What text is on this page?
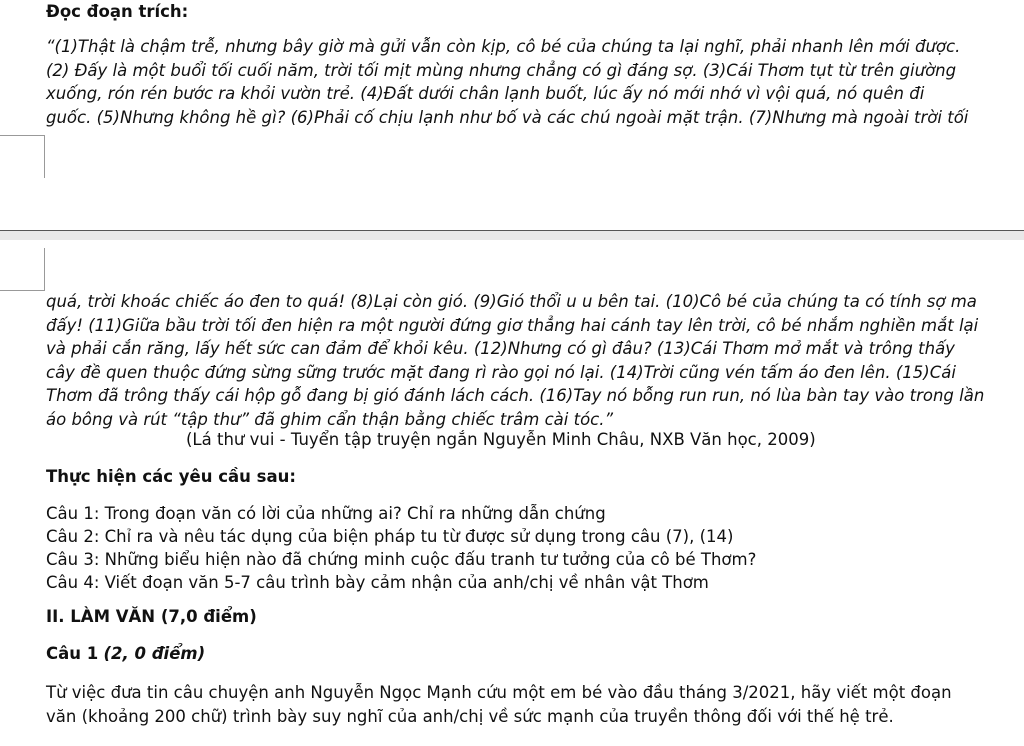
Đọc đoạn trích:
“(1)Thật là chậm trễ, nhưng bây giờ mà gửi vẫn còn kịp, cô bé của chúng ta lại nghĩ, phải nhanh lên mới được.
(2) Đấy là một buổi tối cuối năm, trời tối mịt mùng nhưng chẳng có gì đáng sợ. (3)Cái Thơm tụt từ trên giường
xuống, rón rén bước ra khỏi vườn trẻ. (4)Đất dưới chân lạnh buốt, lúc ấy nó mới nhớ vì vội quá, nó quên đi
guốc. (5)Nhưng không hề gì? (6)Phải cố chịu lạnh như bố và các chú ngoài mặt trận. (7)Nhưng mà ngoài trời tối
quá, trời khoác chiếc áo đen to quá! (8)Lại còn gió. (9)Gió thổi u u bên tai. (10)Cô bé của chúng ta có tính sợ ma
đấy! (11)Giữa bầu trời tối đen hiện ra một người đứng giơ thẳng hai cánh tay lên trời, cô bé nhắm nghiền mắt lại
và phải cắn răng, lấy hết sức can đảm để khỏi kêu. (12)Nhưng có gì đâu? (13)Cái Thơm mở mắt và trông thấy
cây đề quen thuộc đứng sừng sững trước mặt đang rì rào gọi nó lại. (14)Trời cũng vén tấm áo đen lên. (15)Cái
Thơm đã trông thấy cái hộp gỗ đang bị gió đánh lách cách. (16)Tay nó bỗng run run, nó lùa bàn tay vào trong lần
áo bông và rút “tập thư” đã ghim cẩn thận bằng chiếc trâm cài tóc.”
(Lá thư vui - Tuyển tập truyện ngắn Nguyễn Minh Châu, NXB Văn học, 2009)
Thực hiện các yêu cầu sau:
Câu 1: Trong đoạn văn có lời của những ai? Chỉ ra những dẫn chứng
Câu 2: Chỉ ra và nêu tác dụng của biện pháp tu từ được sử dụng trong câu (7), (14)
Câu 3: Những biểu hiện nào đã chứng minh cuộc đấu tranh tư tưởng của cô bé Thơm?
Câu 4: Viết đoạn văn 5-7 câu trình bày cảm nhận của anh/chị về nhân vật Thơm
II. LÀM VĂN (7,0 điểm)
Câu 1 (2, 0 điểm)
Từ việc đưa tin câu chuyện anh Nguyễn Ngọc Mạnh cứu một em bé vào đầu tháng 3/2021, hãy viết một đoạn
văn (khoảng 200 chữ) trình bày suy nghĩ của anh/chị về sức mạnh của truyền thông đối với thế hệ trẻ.
